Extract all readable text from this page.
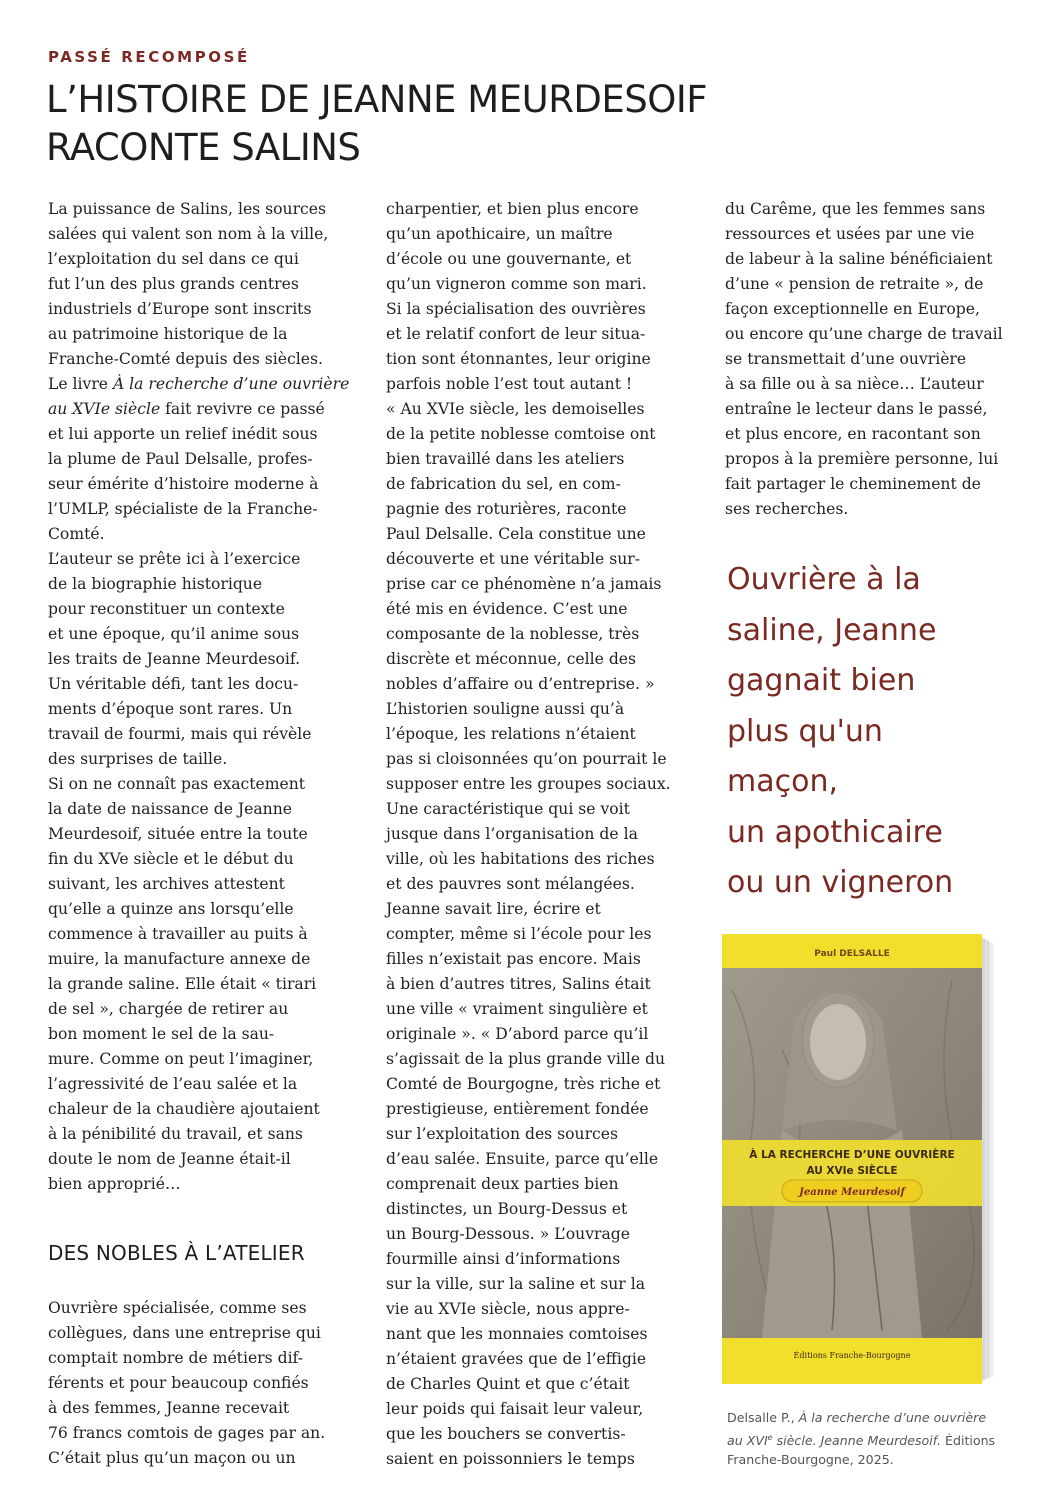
PASSÉ RECOMPOSÉ
L’HISTOIRE DE JEANNE MEURDESOIF
RACONTE SALINS
La puissance de Salins, les sources
salées qui valent son nom à la ville,
l’exploitation du sel dans ce qui
fut l’un des plus grands centres
industriels d’Europe sont inscrits
au patrimoine historique de la
Franche-Comté depuis des siècles.
Le livre À la recherche d’une ouvrière
au XVIe siècle fait revivre ce passé
et lui apporte un relief inédit sous
la plume de Paul Delsalle, profes-
seur émérite d’histoire moderne à
l’UMLP, spécialiste de la Franche-
Comté.
L’auteur se prête ici à l’exercice
de la biographie historique
pour reconstituer un contexte
et une époque, qu’il anime sous
les traits de Jeanne Meurdesoif.
Un véritable défi, tant les docu-
ments d’époque sont rares. Un
travail de fourmi, mais qui révèle
des surprises de taille.
Si on ne connaît pas exactement
la date de naissance de Jeanne
Meurdesoif, située entre la toute
fin du XVe siècle et le début du
suivant, les archives attestent
qu’elle a quinze ans lorsqu’elle
commence à travailler au puits à
muire, la manufacture annexe de
la grande saline. Elle était « tirari
de sel », chargée de retirer au
bon moment le sel de la sau-
mure. Comme on peut l’imaginer,
l’agressivité de l’eau salée et la
chaleur de la chaudière ajoutaient
à la pénibilité du travail, et sans
doute le nom de Jeanne était-il
bien approprié…
DES NOBLES À L’ATELIER
Ouvrière spécialisée, comme ses
collègues, dans une entreprise qui
comptait nombre de métiers dif-
férents et pour beaucoup confiés
à des femmes, Jeanne recevait
76 francs comtois de gages par an.
C’était plus qu’un maçon ou un
charpentier, et bien plus encore
qu’un apothicaire, un maître
d’école ou une gouvernante, et
qu’un vigneron comme son mari.
Si la spécialisation des ouvrières
et le relatif confort de leur situa-
tion sont étonnantes, leur origine
parfois noble l’est tout autant !
« Au XVIe siècle, les demoiselles
de la petite noblesse comtoise ont
bien travaillé dans les ateliers
de fabrication du sel, en com-
pagnie des roturières, raconte
Paul Delsalle. Cela constitue une
découverte et une véritable sur-
prise car ce phénomène n’a jamais
été mis en évidence. C’est une
composante de la noblesse, très
discrète et méconnue, celle des
nobles d’affaire ou d’entreprise. »
L’historien souligne aussi qu’à
l’époque, les relations n’étaient
pas si cloisonnées qu’on pourrait le
supposer entre les groupes sociaux.
Une caractéristique qui se voit
jusque dans l’organisation de la
ville, où les habitations des riches
et des pauvres sont mélangées.
Jeanne savait lire, écrire et
compter, même si l’école pour les
filles n’existait pas encore. Mais
à bien d’autres titres, Salins était
une ville « vraiment singulière et
originale ». « D’abord parce qu’il
s’agissait de la plus grande ville du
Comté de Bourgogne, très riche et
prestigieuse, entièrement fondée
sur l’exploitation des sources
d’eau salée. Ensuite, parce qu’elle
comprenait deux parties bien
distinctes, un Bourg-Dessus et
un Bourg-Dessous. » L’ouvrage
fourmille ainsi d’informations
sur la ville, sur la saline et sur la
vie au XVIe siècle, nous appre-
nant que les monnaies comtoises
n’étaient gravées que de l’effigie
de Charles Quint et que c’était
leur poids qui faisait leur valeur,
que les bouchers se convertis-
saient en poissonniers le temps
du Carême, que les femmes sans
ressources et usées par une vie
de labeur à la saline bénéficiaient
d’une « pension de retraite », de
façon exceptionnelle en Europe,
ou encore qu’une charge de travail
se transmettait d’une ouvrière
à sa fille ou à sa nièce… L’auteur
entraîne le lecteur dans le passé,
et plus encore, en racontant son
propos à la première personne, lui
fait partager le cheminement de
ses recherches.
Ouvrière à la
saline, Jeanne
gagnait bien
plus qu'un
maçon,
un apothicaire
ou un vigneron
Paul DELSALLE
À LA RECHERCHE D’UNE OUVRIÈRE
AU XVIe SIÈCLE
Jeanne Meurdesoif
Éditions Franche-Bourgogne
Delsalle P., À la recherche d’une ouvrière
au XVIe siècle. Jeanne Meurdesoif. Éditions
Franche-Bourgogne, 2025.
